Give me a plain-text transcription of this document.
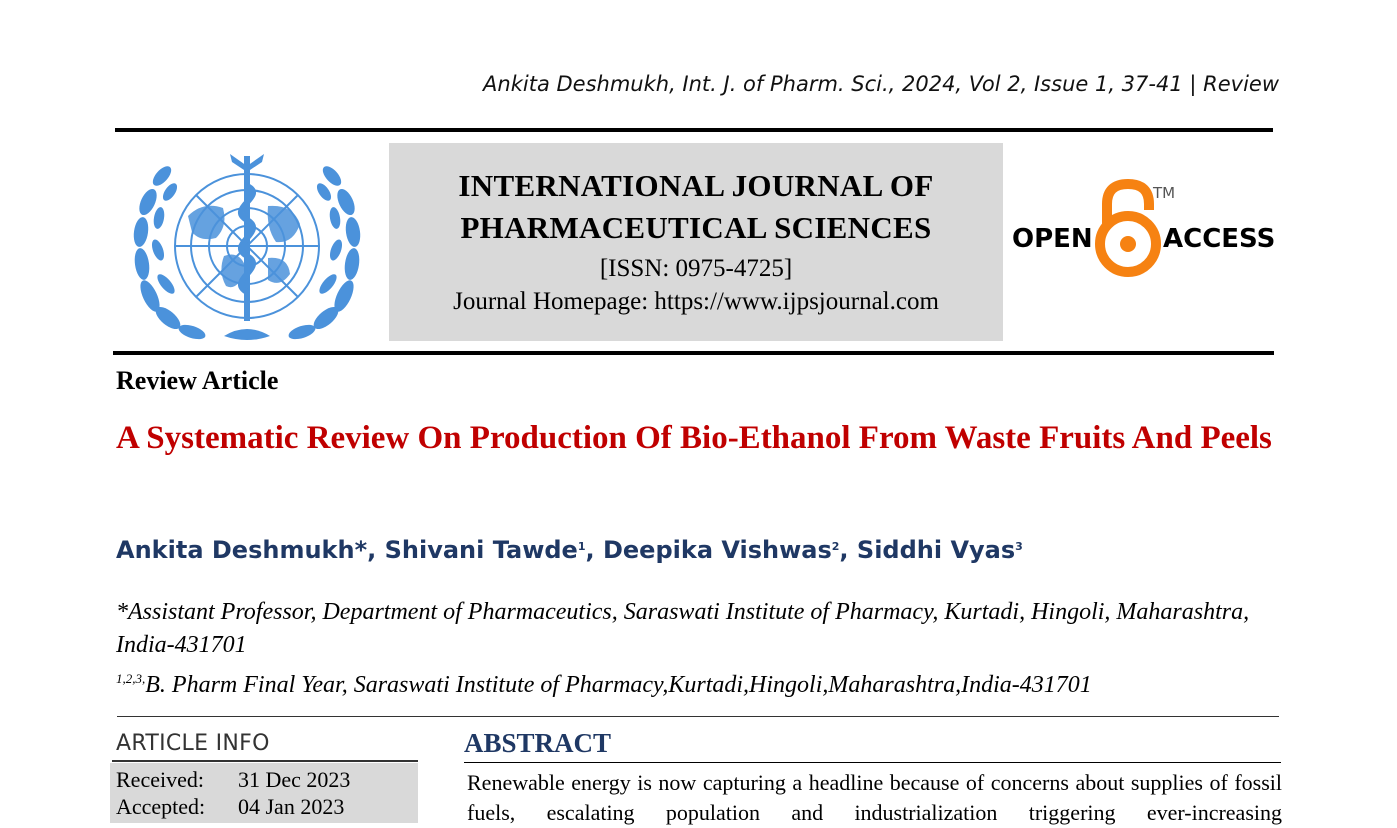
Ankita Deshmukh, Int. J. of Pharm. Sci., 2024, Vol 2, Issue 1, 37-41 | Review
INTERNATIONAL JOURNAL OF
PHARMACEUTICAL SCIENCES
[ISSN: 0975-4725]
Journal Homepage: https://www.ijpsjournal.com
OPEN	ACCESS
TM
Review Article
A Systematic Review On Production Of Bio-Ethanol From Waste Fruits And Peels
Ankita Deshmukh*, Shivani Tawde$^1$, Deepika Vishwas$^2$, Siddhi Vyas$^3$
*Assistant Professor, Department of Pharmaceutics, Saraswati Institute of Pharmacy, Kurtadi, Hingoli, Maharashtra, India-431701
$^{1,2,3,}$B. Pharm Final Year, Saraswati Institute of Pharmacy,Kurtadi,Hingoli,Maharashtra,India-431701
ARTICLE INFO
Received: 31 Dec 2023
Accepted: 04 Jan 2023
ABSTRACT
Renewable energy is now capturing a headline because of concerns about supplies of fossil fuels, escalating population and industrialization triggering ever-increasing
